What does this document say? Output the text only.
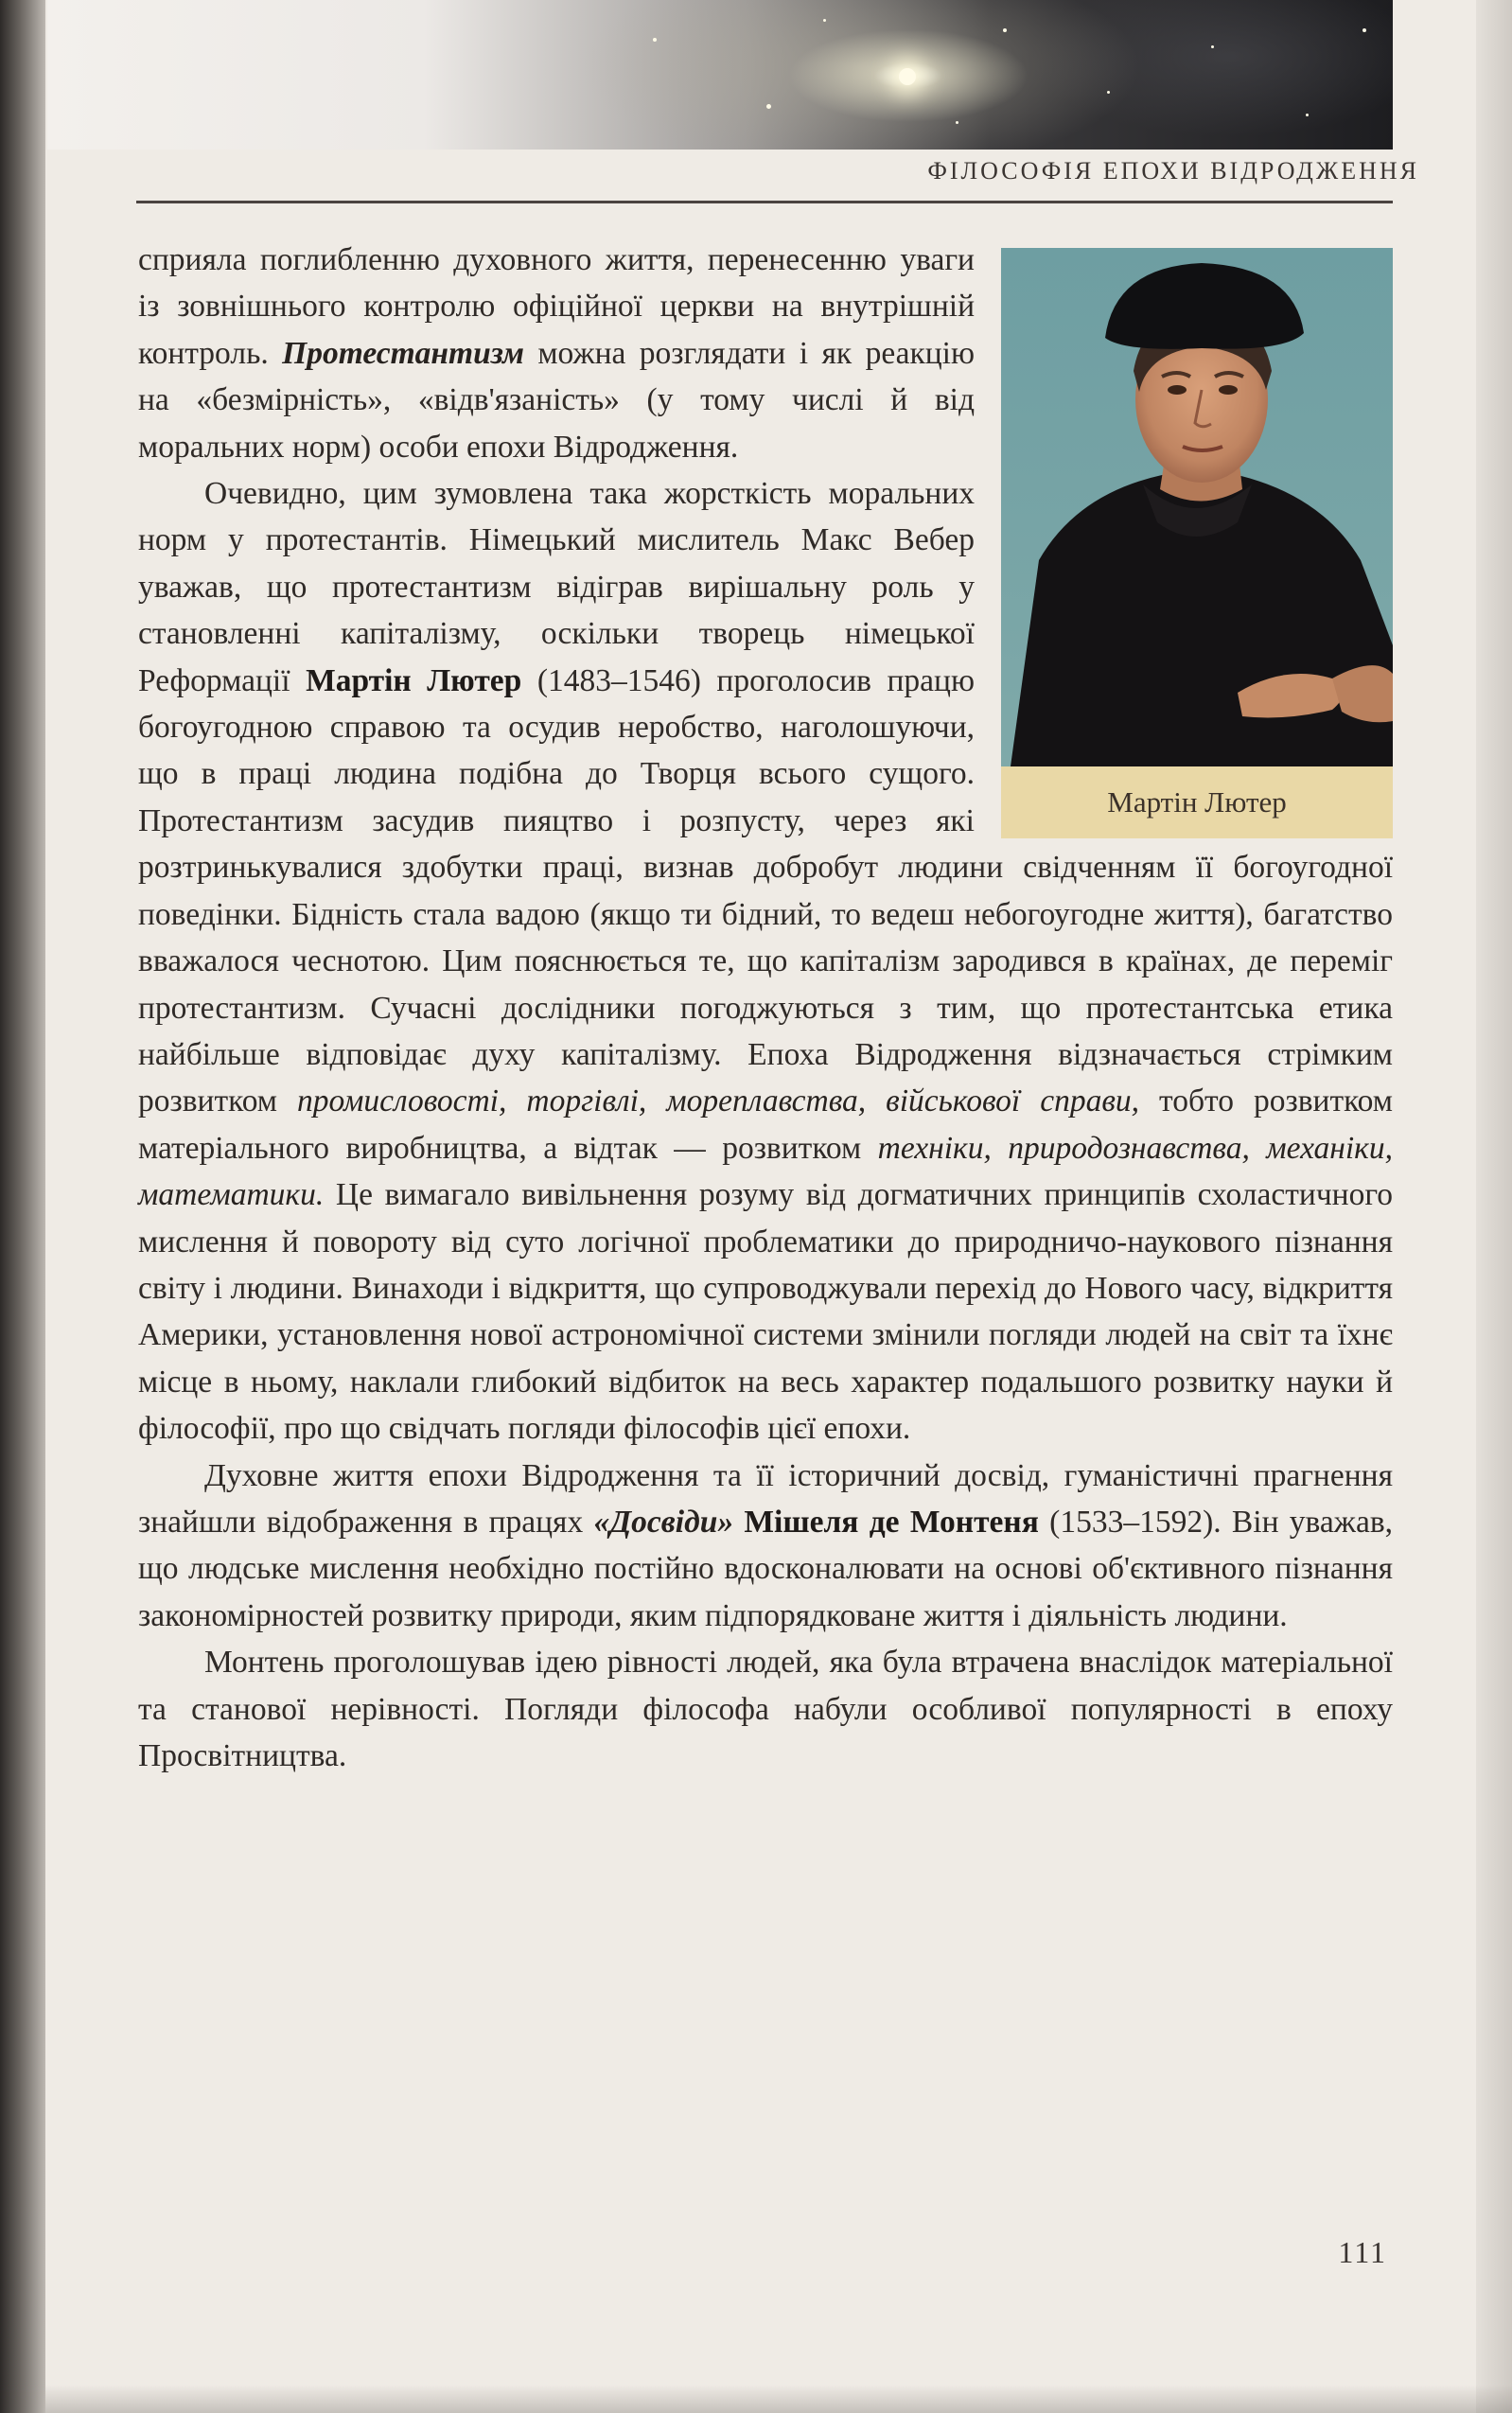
ФІЛОСОФІЯ ЕПОХИ ВІДРОДЖЕННЯ
Мартін Лютер

сприяла поглибленню духовного життя, перенесенню уваги із зовнішнього контролю офіційної церкви на внутрішній контроль. Протестантизм можна розглядати і як реакцію на «безмірність», «відв'язаність» (у тому числі й від моральних норм) особи епохи Відродження.

Очевидно, цим зумовлена така жорсткість моральних норм у протестантів. Німецький мислитель Макс Вебер уважав, що протестантизм відіграв вирішальну роль у становленні капіталізму, оскільки творець німецької Реформації Мартін Лютер (1483–1546) проголосив працю богоугодною справою та осудив неробство, наголошуючи, що в праці людина подібна до Творця всього сущого. Протестантизм засудив пияцтво і розпусту, через які розтринькувалися здобутки праці, визнав добробут людини свідченням її богоугодної поведінки. Бідність стала вадою (якщо ти бідний, то ведеш небогоугодне життя), багатство вважалося чеснотою. Цим пояснюється те, що капіталізм зародився в країнах, де переміг протестантизм. Сучасні дослідники погоджуються з тим, що протестантська етика найбільше відповідає духу капіталізму. Епоха Відродження відзначається стрімким розвитком промисловості, торгівлі, мореплавства, військової справи, тобто розвитком матеріального виробництва, а відтак — розвитком техніки, природознавства, механіки, математики. Це вимагало вивільнення розуму від догматичних принципів схоластичного мислення й повороту від суто логічної проблематики до природничо-наукового пізнання світу і людини. Винаходи і відкриття, що супроводжували перехід до Нового часу, відкриття Америки, установлення нової астрономічної системи змінили погляди людей на світ та їхнє місце в ньому, наклали глибокий відбиток на весь характер подальшого розвитку науки й філософії, про що свідчать погляди філософів цієї епохи.

Духовне життя епохи Відродження та її історичний досвід, гуманістичні прагнення знайшли відображення в працях «Досвіди» Мішеля де Монтеня (1533–1592). Він уважав, що людське мислення необхідно постійно вдосконалювати на основі об'єктивного пізнання закономірностей розвитку природи, яким підпорядковане життя і діяльність людини.

Монтень проголошував ідею рівності людей, яка була втрачена внаслідок матеріальної та станової нерівності. Погляди філософа набули особливої популярності в епоху Просвітництва.

111
